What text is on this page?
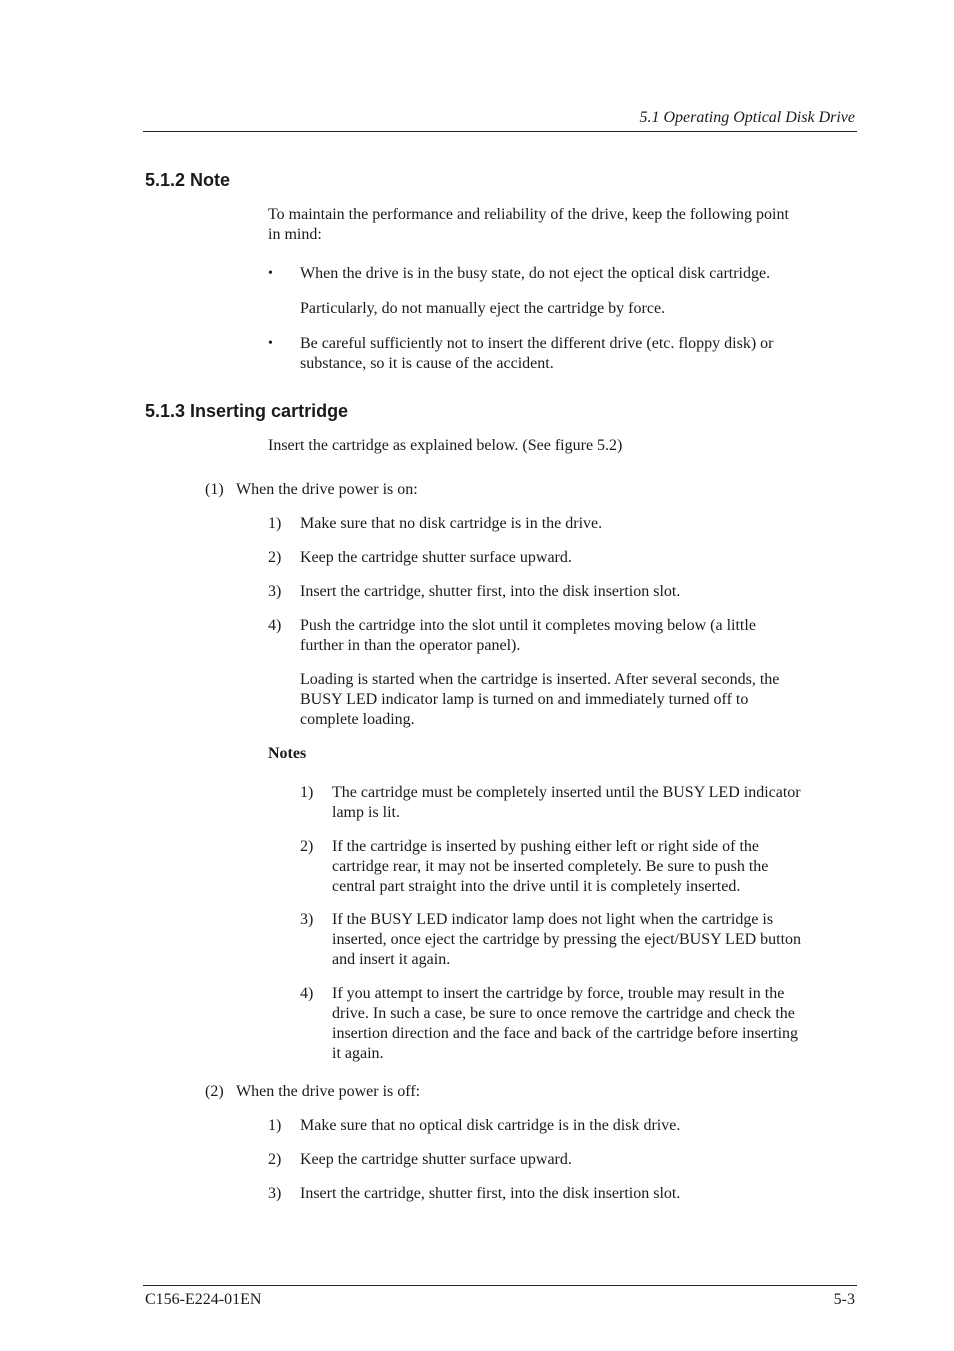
5.1 Operating Optical Disk Drive
5.1.2 Note
To maintain the performance and reliability of the drive, keep the following point
in mind:
• When the drive is in the busy state, do not eject the optical disk cartridge.
Particularly, do not manually eject the cartridge by force.
• Be careful sufficiently not to insert the different drive (etc. floppy disk) or
substance, so it is cause of the accident.
5.1.3 Inserting cartridge
Insert the cartridge as explained below. (See figure 5.2)
(1) When the drive power is on:
1) Make sure that no disk cartridge is in the drive.
2) Keep the cartridge shutter surface upward.
3) Insert the cartridge, shutter first, into the disk insertion slot.
4) Push the cartridge into the slot until it completes moving below (a little
further in than the operator panel).
Loading is started when the cartridge is inserted. After several seconds, the
BUSY LED indicator lamp is turned on and immediately turned off to
complete loading.
Notes
1) The cartridge must be completely inserted until the BUSY LED indicator
lamp is lit.
2) If the cartridge is inserted by pushing either left or right side of the
cartridge rear, it may not be inserted completely. Be sure to push the
central part straight into the drive until it is completely inserted.
3) If the BUSY LED indicator lamp does not light when the cartridge is
inserted, once eject the cartridge by pressing the eject/BUSY LED button
and insert it again.
4) If you attempt to insert the cartridge by force, trouble may result in the
drive. In such a case, be sure to once remove the cartridge and check the
insertion direction and the face and back of the cartridge before inserting
it again.
(2) When the drive power is off:
1) Make sure that no optical disk cartridge is in the disk drive.
2) Keep the cartridge shutter surface upward.
3) Insert the cartridge, shutter first, into the disk insertion slot.
C156-E224-01EN	5-3
